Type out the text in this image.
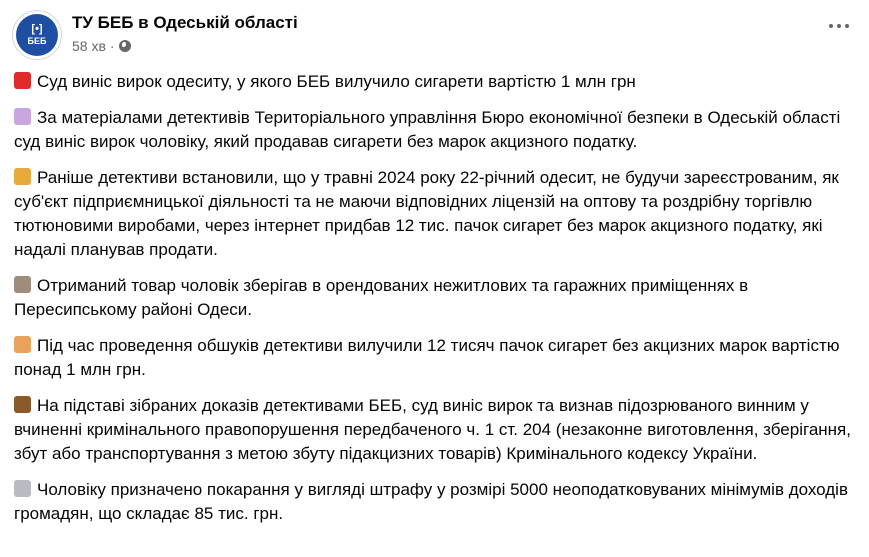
[•]
БЕБ
ТУ БЕБ в Одеській області
58 хв ·

Суд виніс вирок одеситу, у якого БЕБ вилучило сигарети вартістю 1 млн грн

За матеріалами детективів Територіального управління Бюро економічної безпеки в Одеській області суд виніс вирок чоловіку, який продавав сигарети без марок акцизного податку.

Раніше детективи встановили, що у травні 2024 року 22-річний одесит, не будучи зареєстрованим, як суб'єкт підприємницької діяльності та не маючи відповідних ліцензій на оптову та роздрібну торгівлю тютюновими виробами, через інтернет придбав 12 тис. пачок сигарет без марок акцизного податку, які надалі планував продати.

Отриманий товар чоловік зберігав в орендованих нежитлових та гаражних приміщеннях в Пересипському районі Одеси.

Під час проведення обшуків детективи вилучили 12 тисяч пачок сигарет без акцизних марок вартістю понад 1 млн грн.

На підставі зібраних доказів детективами БЕБ, суд виніс вирок та визнав підозрюваного винним у вчиненні кримінального правопорушення передбаченого ч. 1 ст. 204 (незаконне виготовлення, зберігання, збут або транспортування з метою збуту підакцизних товарів) Кримінального кодексу України.

Чоловіку призначено покарання у вигляді штрафу у розмірі 5000 неоподатковуваних мінімумів доходів громадян, що складає 85 тис. грн.
